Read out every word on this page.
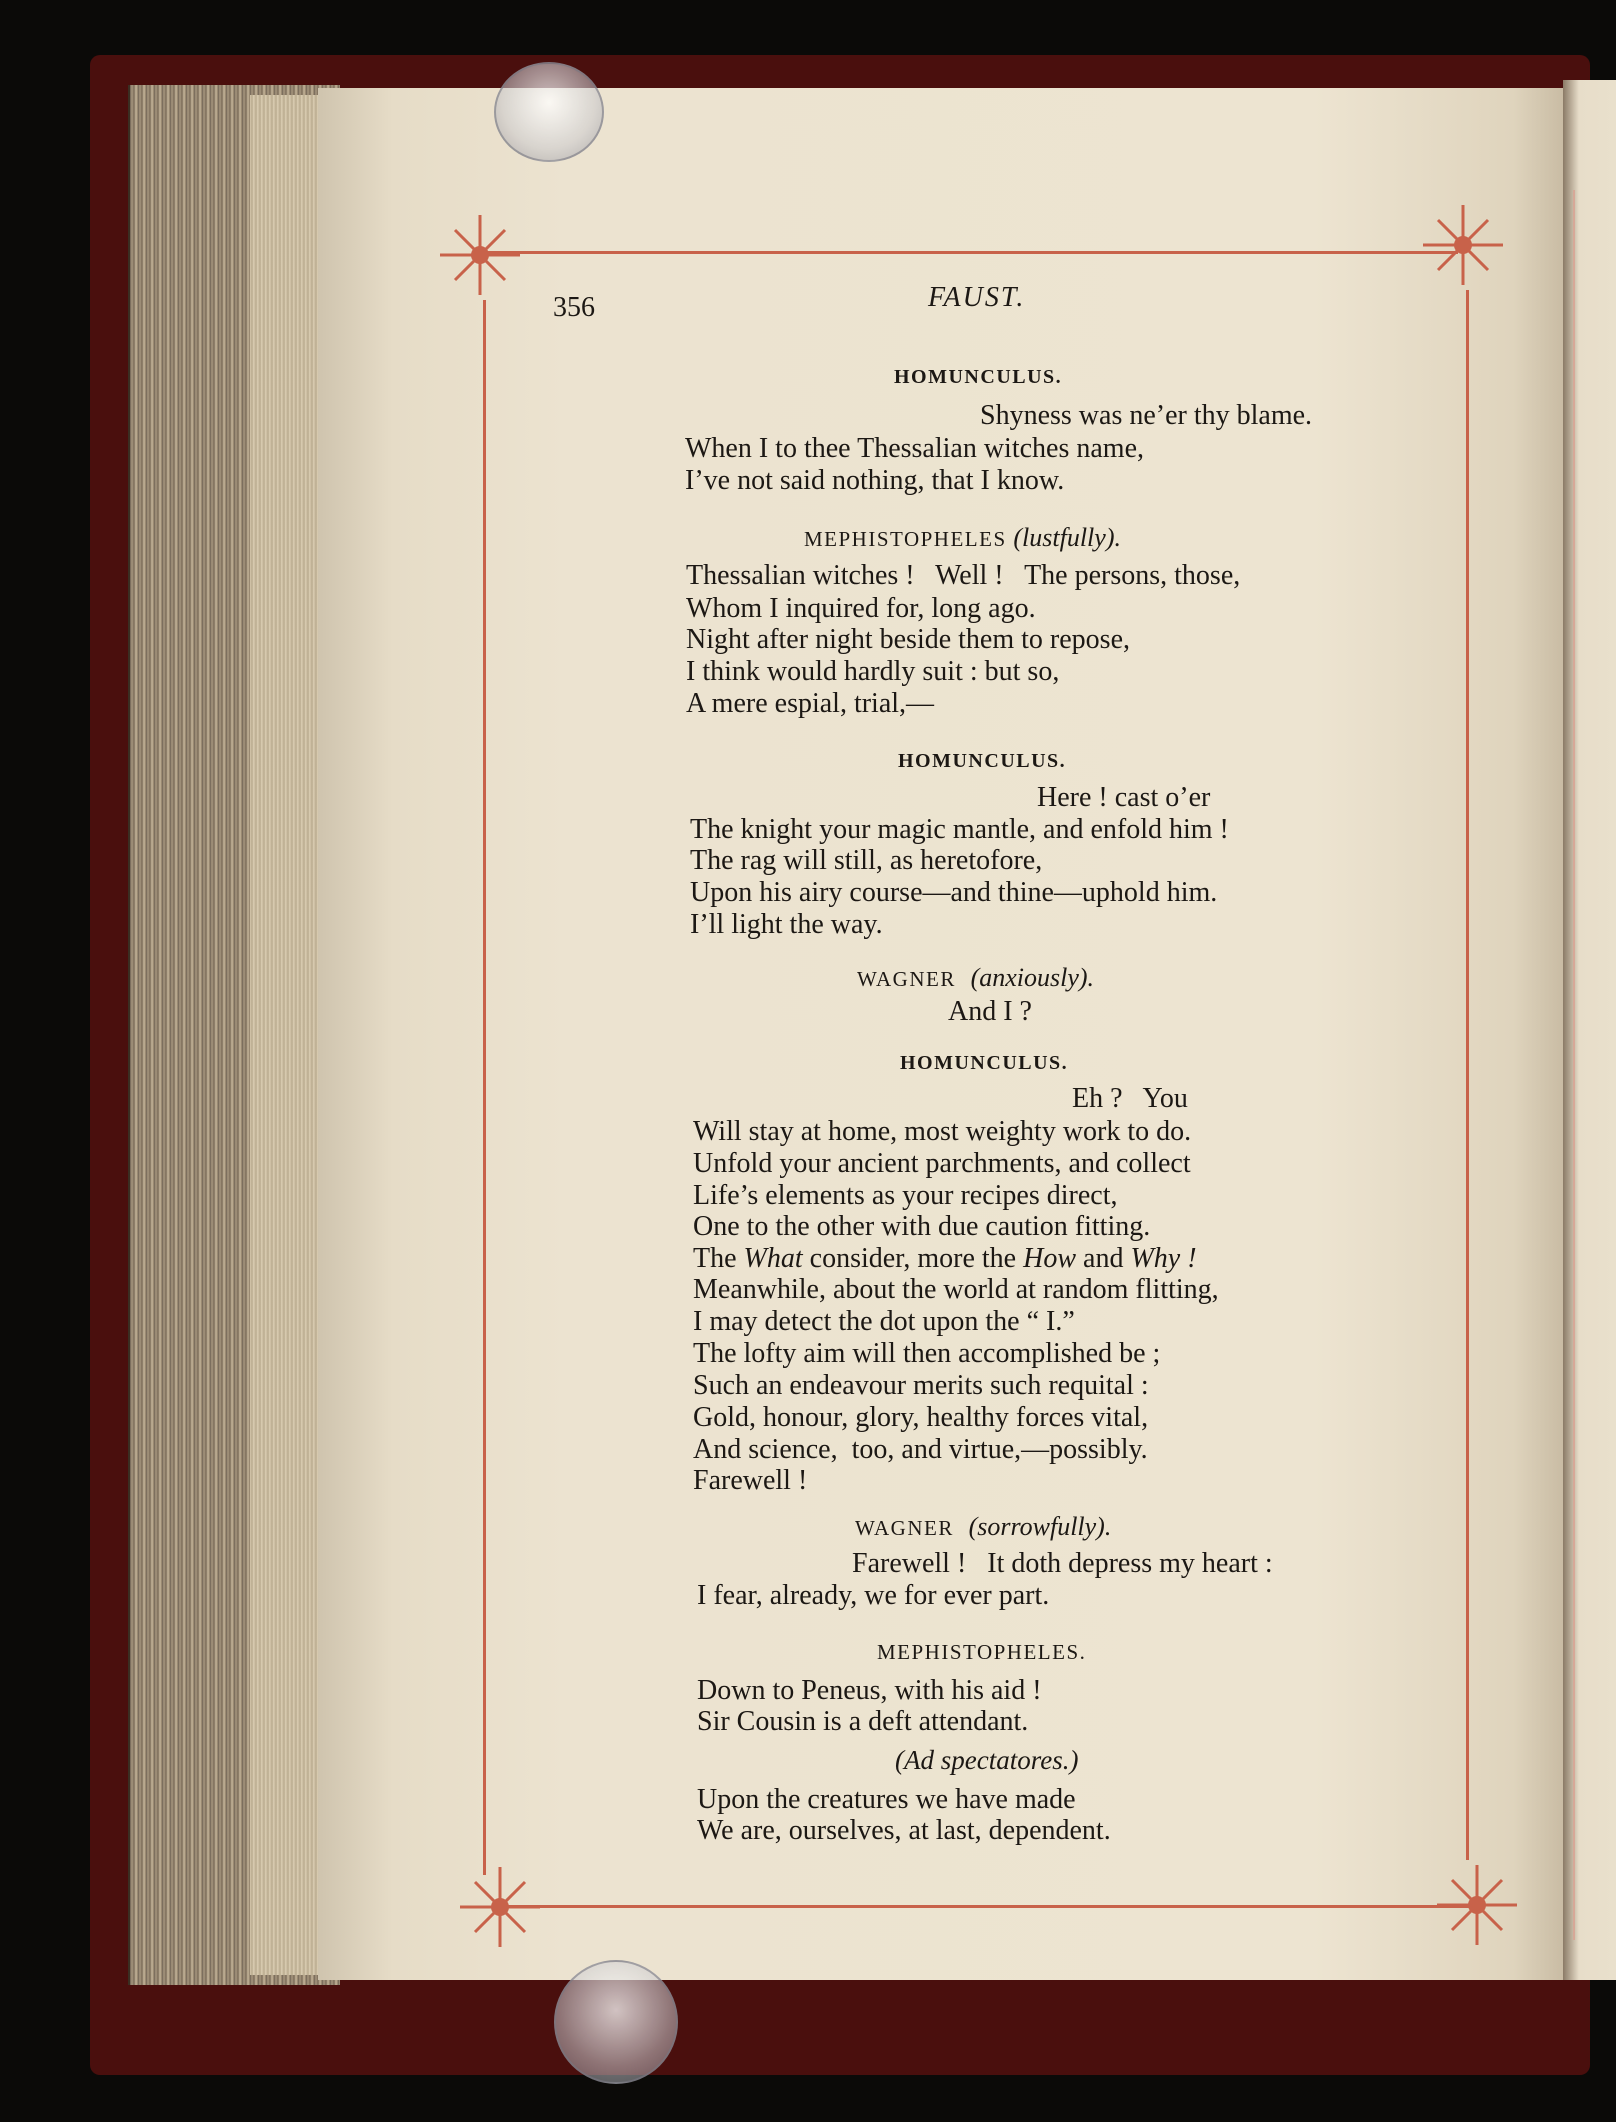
356	FAUST.
HOMUNCULUS.
Shyness was ne’er thy blame.
When I to thee Thessalian witches name,
I’ve not said nothing, that I know.
MEPHISTOPHELES (lustfully).
Thessalian witches !   Well !   The persons, those,
Whom I inquired for, long ago.
Night after night beside them to repose,
I think would hardly suit : but so,
A mere espial, trial,—
HOMUNCULUS.
Here ! cast o’er
The knight your magic mantle, and enfold him !
The rag will still, as heretofore,
Upon his airy course—and thine—uphold him.
I’ll light the way.
WAGNER (anxiously).
And I ?
HOMUNCULUS.
Eh ?   You
Will stay at home, most weighty work to do.
Unfold your ancient parchments, and collect
Life’s elements as your recipes direct,
One to the other with due caution fitting.
The What consider, more the How and Why !
Meanwhile, about the world at random flitting,
I may detect the dot upon the “ I.”
The lofty aim will then accomplished be ;
Such an endeavour merits such requital :
Gold, honour, glory, healthy forces vital,
And science,  too, and virtue,—possibly.
Farewell !
WAGNER (sorrowfully).
Farewell !   It doth depress my heart :
I fear, already, we for ever part.
MEPHISTOPHELES.
Down to Peneus, with his aid !
Sir Cousin is a deft attendant.
(Ad spectatores.)
Upon the creatures we have made
We are, ourselves, at last, dependent.
